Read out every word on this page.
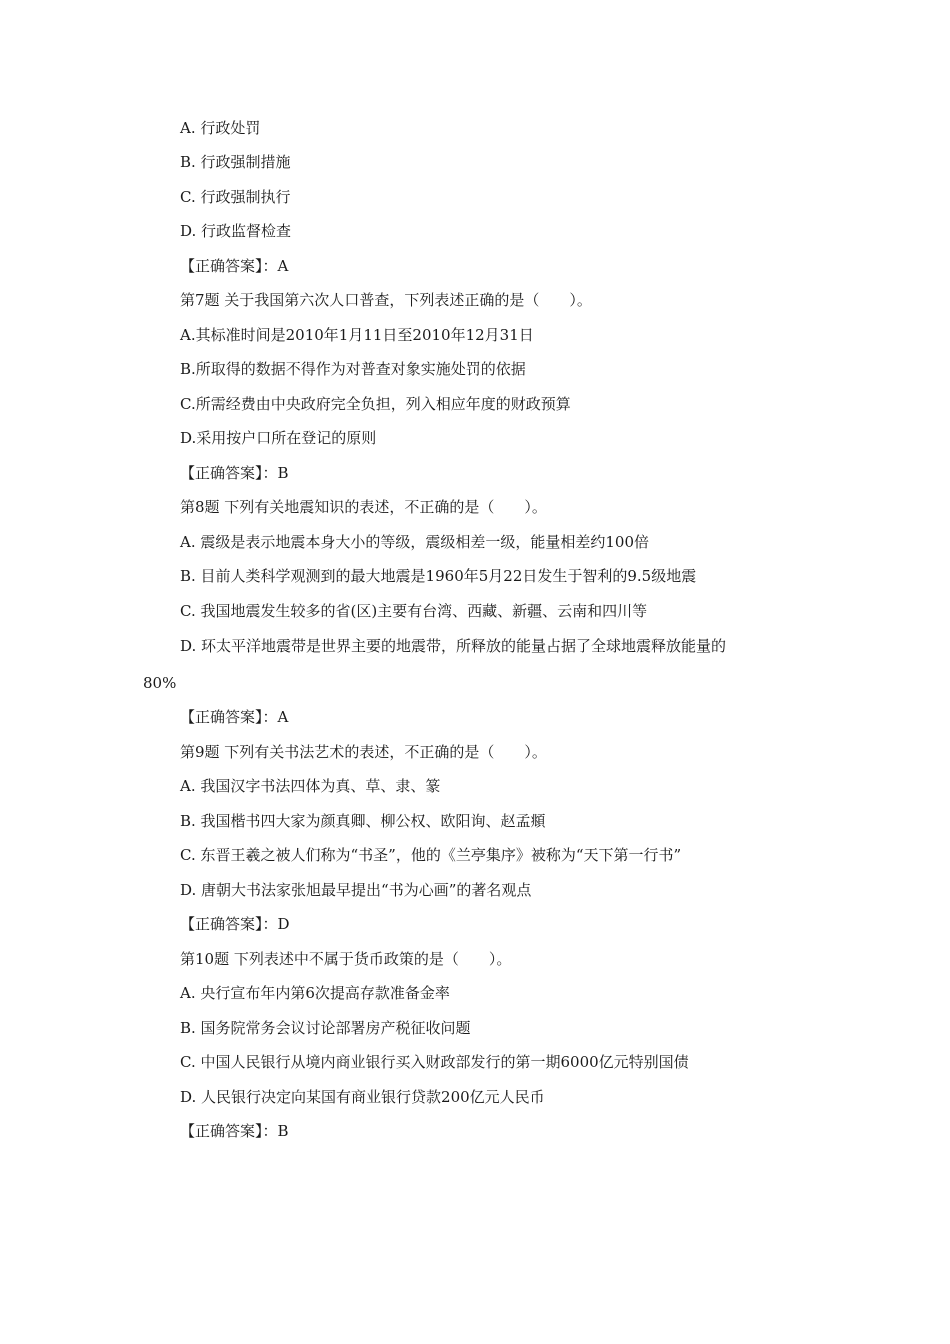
A. 行政处罚
B. 行政强制措施
C. 行政强制执行
D. 行政监督检查
【正确答案】：A
第7题 关于我国第六次人口普查，下列表述正确的是（　　）。
A.其标准时间是2010年1月11日至2010年12月31日
B.所取得的数据不得作为对普查对象实施处罚的依据
C.所需经费由中央政府完全负担，列入相应年度的财政预算
D.采用按户口所在登记的原则
【正确答案】：B
第8题 下列有关地震知识的表述，不正确的是（　　）。
A. 震级是表示地震本身大小的等级，震级相差一级，能量相差约100倍
B. 目前人类科学观测到的最大地震是1960年5月22日发生于智利的9.5级地震
C. 我国地震发生较多的省(区)主要有台湾、西藏、新疆、云南和四川等
D. 环太平洋地震带是世界主要的地震带，所释放的能量占据了全球地震释放能量的
80%
【正确答案】：A
第9题 下列有关书法艺术的表述，不正确的是（　　）。
A. 我国汉字书法四体为真、草、隶、篆
B. 我国楷书四大家为颜真卿、柳公权、欧阳询、赵孟頫
C. 东晋王羲之被人们称为“书圣”，他的《兰亭集序》被称为“天下第一行书”
D. 唐朝大书法家张旭最早提出“书为心画”的著名观点
【正确答案】：D
第10题 下列表述中不属于货币政策的是（　　）。
A. 央行宣布年内第6次提高存款准备金率
B. 国务院常务会议讨论部署房产税征收问题
C. 中国人民银行从境内商业银行买入财政部发行的第一期6000亿元特别国债
D. 人民银行决定向某国有商业银行贷款200亿元人民币
【正确答案】：B
